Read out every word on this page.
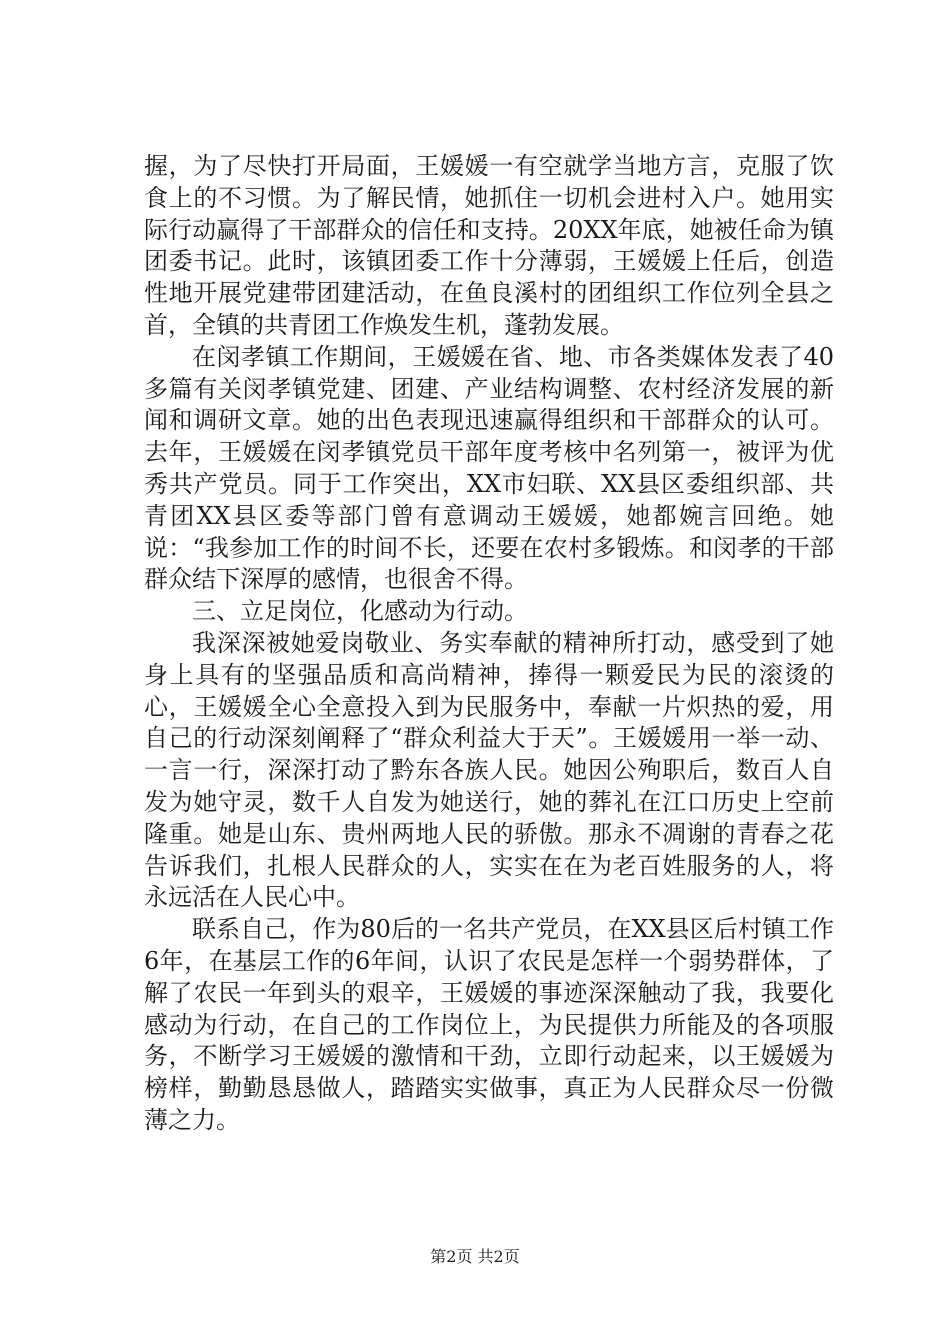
握，为了尽快打开局面，王媛媛一有空就学当地方言，克服了饮食上的不习惯。为了解民情，她抓住一切机会进村入户。她用实际行动赢得了干部群众的信任和支持。20XX年底，她被任命为镇团委书记。此时，该镇团委工作十分薄弱，王媛媛上任后，创造性地开展党建带团建活动，在鱼良溪村的团组织工作位列全县之首，全镇的共青团工作焕发生机，蓬勃发展。

在闵孝镇工作期间，王媛媛在省、地、市各类媒体发表了40多篇有关闵孝镇党建、团建、产业结构调整、农村经济发展的新闻和调研文章。她的出色表现迅速赢得组织和干部群众的认可。去年，王媛媛在闵孝镇党员干部年度考核中名列第一，被评为优秀共产党员。同于工作突出，XX市妇联、XX县区委组织部、共青团XX县区委等部门曾有意调动王媛媛，她都婉言回绝。她说：“我参加工作的时间不长，还要在农村多锻炼。和闵孝的干部群众结下深厚的感情，也很舍不得。

三、立足岗位，化感动为行动。

我深深被她爱岗敬业、务实奉献的精神所打动，感受到了她身上具有的坚强品质和高尚精神，捧得一颗爱民为民的滚烫的心，王媛媛全心全意投入到为民服务中，奉献一片炽热的爱，用自己的行动深刻阐释了“群众利益大于天”。王媛媛用一举一动、一言一行，深深打动了黔东各族人民。她因公殉职后，数百人自发为她守灵，数千人自发为她送行，她的葬礼在江口历史上空前隆重。她是山东、贵州两地人民的骄傲。那永不凋谢的青春之花告诉我们，扎根人民群众的人，实实在在为老百姓服务的人，将永远活在人民心中。

联系自己，作为80后的一名共产党员，在XX县区后村镇工作6年，在基层工作的6年间，认识了农民是怎样一个弱势群体，了解了农民一年到头的艰辛，王媛媛的事迹深深触动了我，我要化感动为行动，在自己的工作岗位上，为民提供力所能及的各项服务，不断学习王媛媛的激情和干劲，立即行动起来，以王媛媛为榜样，勤勤恳恳做人，踏踏实实做事，真正为人民群众尽一份微薄之力。

第2页 共2页
